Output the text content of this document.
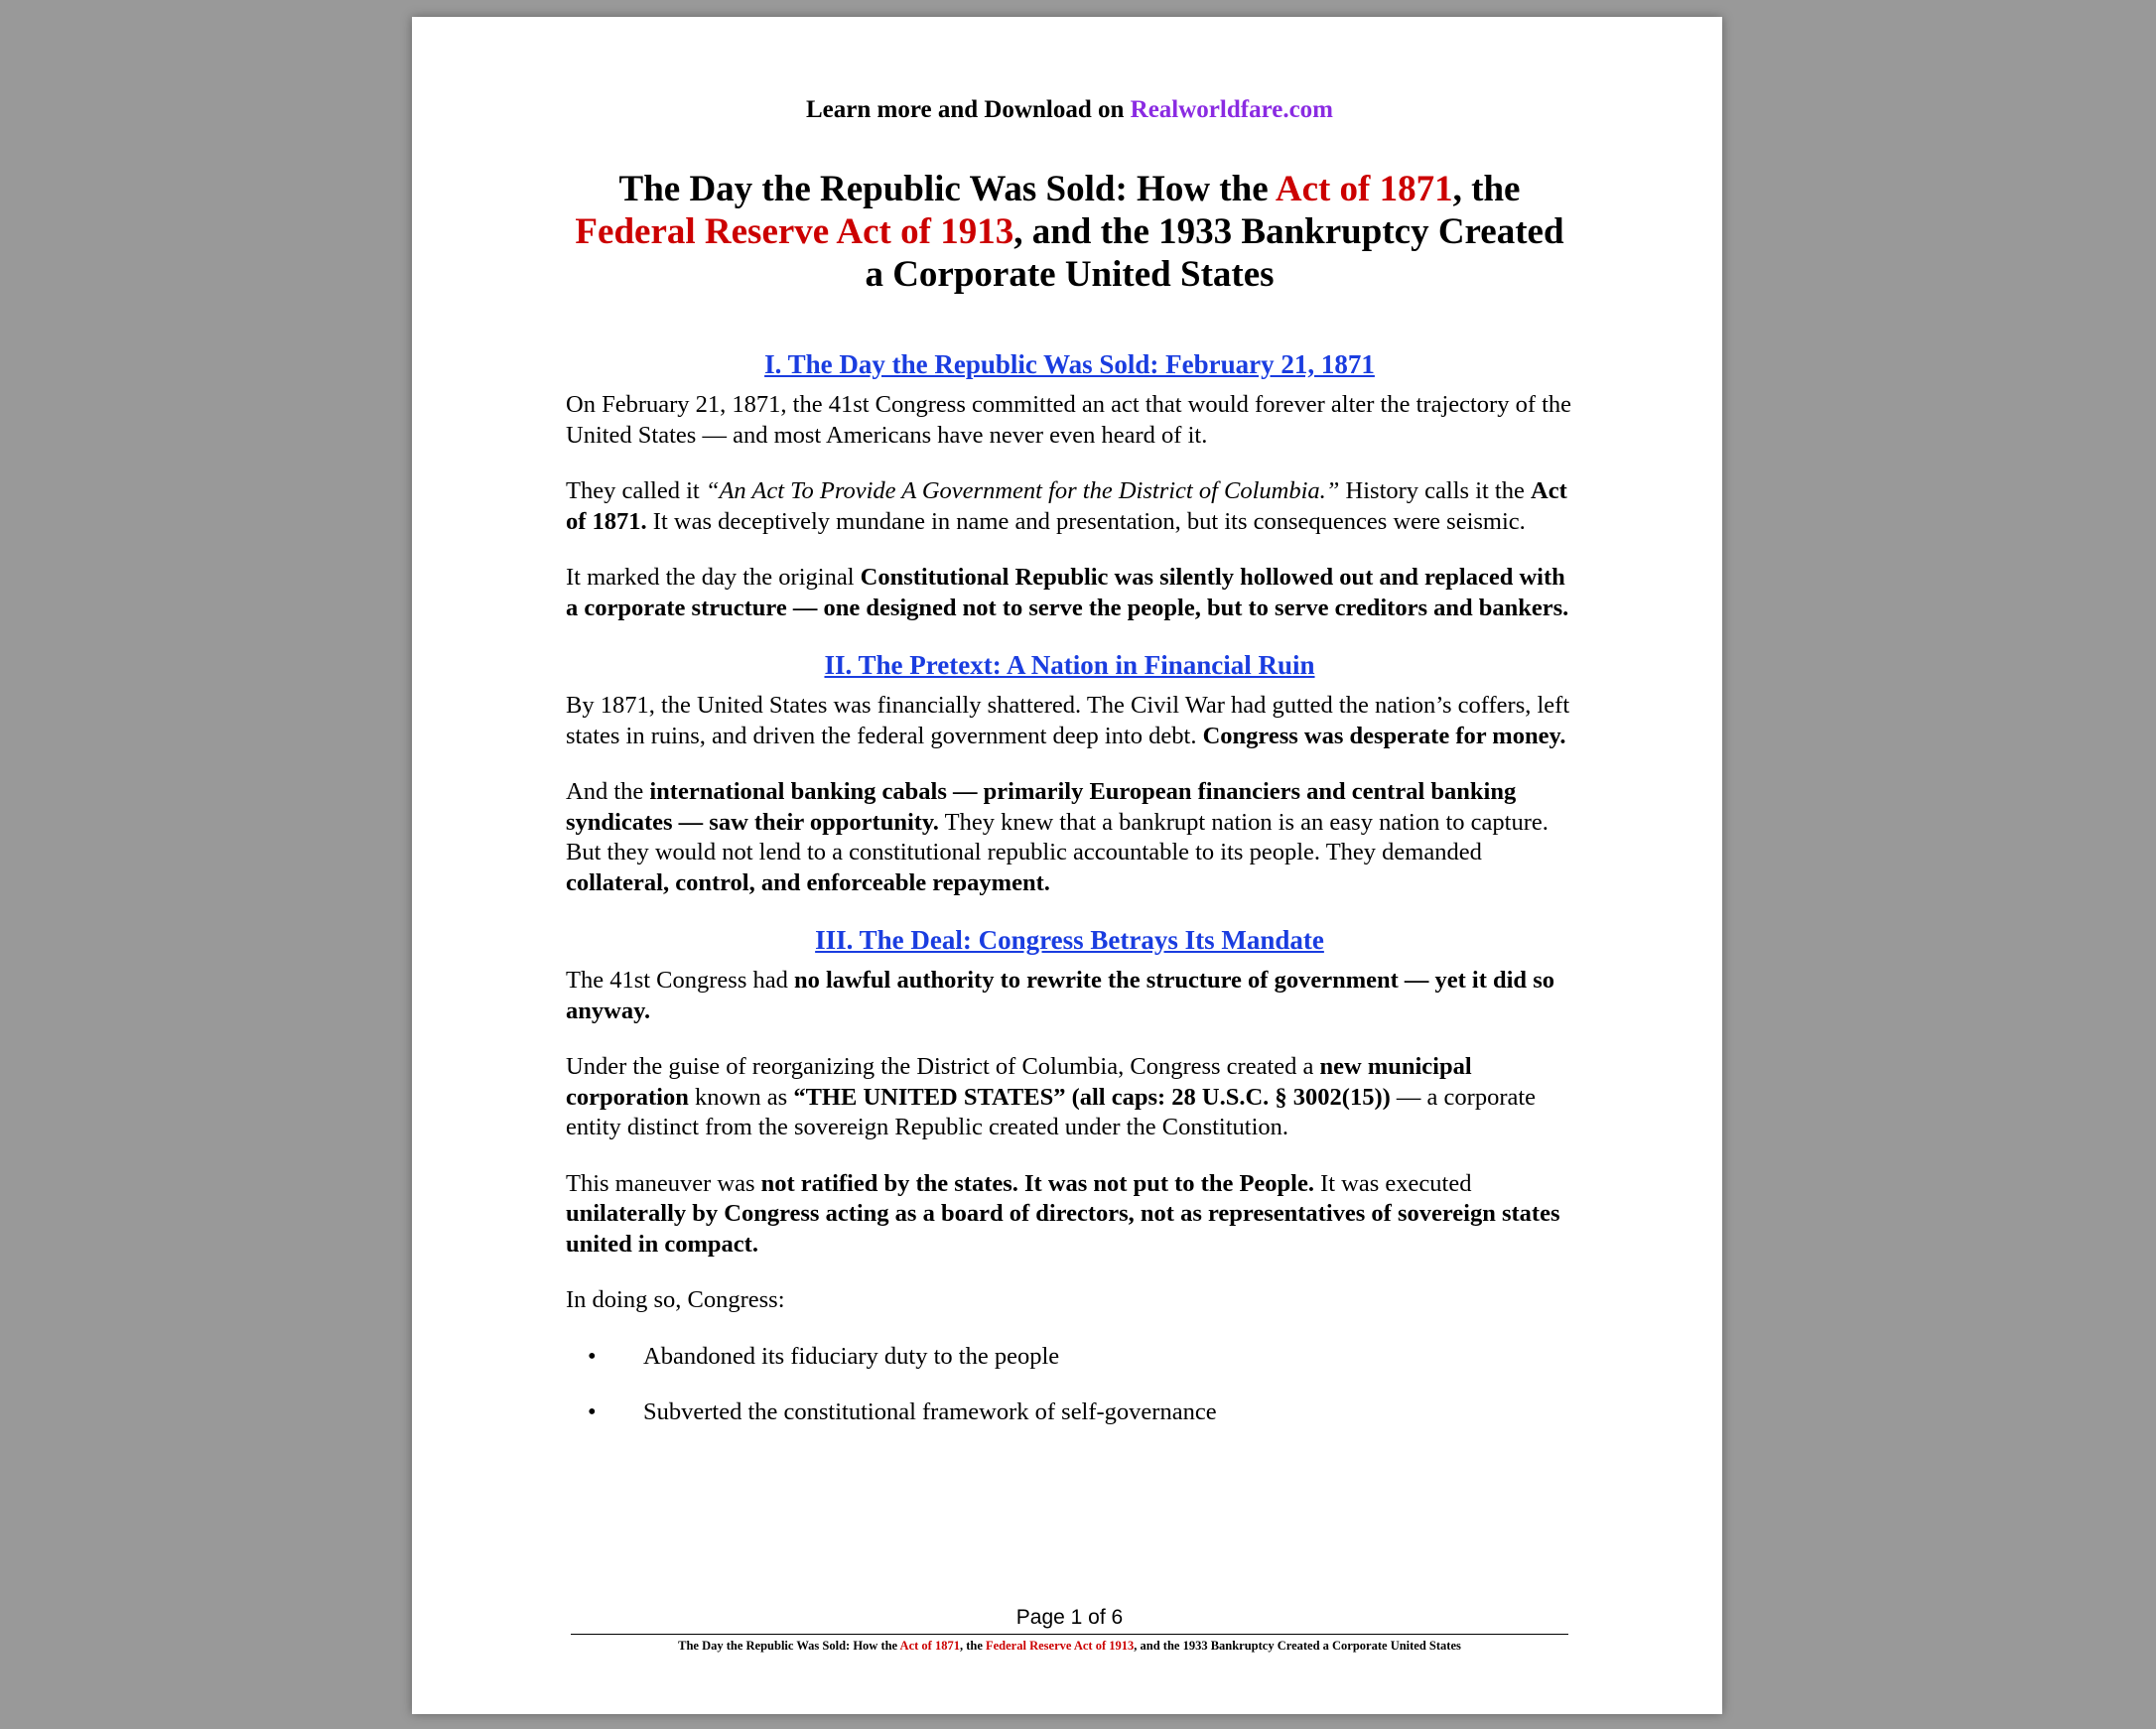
Learn more and Download on Realworldfare.com
The Day the Republic Was Sold: How the Act of 1871, the
Federal Reserve Act of 1913, and the 1933 Bankruptcy Created a Corporate United States
I. The Day the Republic Was Sold: February 21, 1871

On February 21, 1871, the 41st Congress committed an act that would forever alter the trajectory of the United States — and most Americans have never even heard of it.

They called it “An Act To Provide A Government for the District of Columbia.” History calls it the Act of 1871. It was deceptively mundane in name and presentation, but its consequences were seismic.

It marked the day the original Constitutional Republic was silently hollowed out and replaced with a corporate structure — one designed not to serve the people, but to serve creditors and bankers.

II. The Pretext: A Nation in Financial Ruin

By 1871, the United States was financially shattered. The Civil War had gutted the nation’s coffers, left states in ruins, and driven the federal government deep into debt. Congress was desperate for money.

And the international banking cabals — primarily European financiers and central banking syndicates — saw their opportunity. They knew that a bankrupt nation is an easy nation to capture. But they would not lend to a constitutional republic accountable to its people. They demanded collateral, control, and enforceable repayment.

III. The Deal: Congress Betrays Its Mandate

The 41st Congress had no lawful authority to rewrite the structure of government — yet it did so anyway.

Under the guise of reorganizing the District of Columbia, Congress created a new municipal corporation known as “THE UNITED STATES” (all caps: 28 U.S.C. § 3002(15)) — a corporate entity distinct from the sovereign Republic created under the Constitution.

This maneuver was not ratified by the states. It was not put to the People. It was executed unilaterally by Congress acting as a board of directors, not as representatives of sovereign states united in compact.

In doing so, Congress:

• Abandoned its fiduciary duty to the people
• Subverted the constitutional framework of self-governance
Page 1 of 6
The Day the Republic Was Sold: How the Act of 1871, the Federal Reserve Act of 1913, and the 1933 Bankruptcy Created a Corporate United States
